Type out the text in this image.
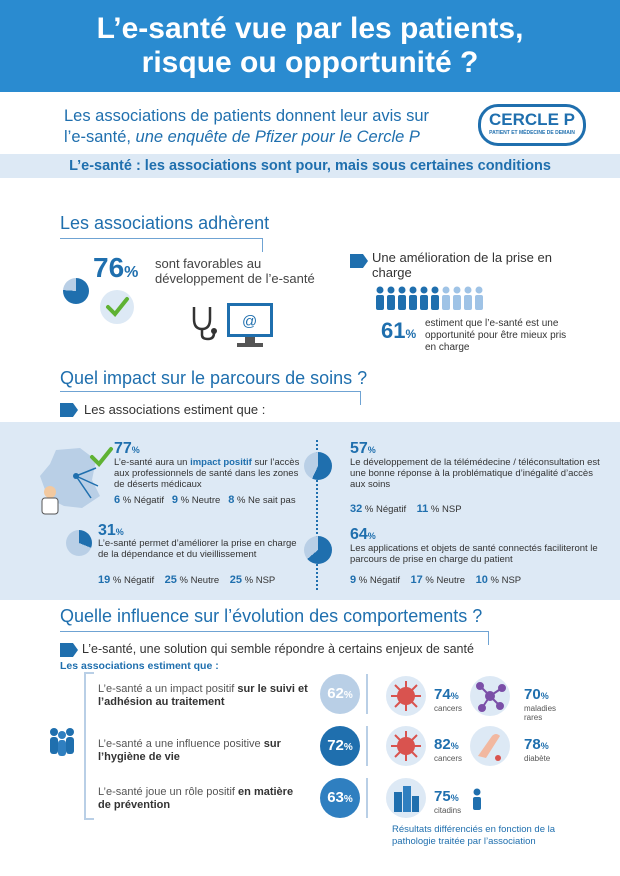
L’e-santé vue par les patients,
risque ou opportunité ?
Les associations de patients donnent leur avis sur
l’e-santé, une enquête de Pfizer pour le Cercle P
CERCLE P
PATIENT ET MÉDECINE DE DEMAIN
L’e-santé : les associations sont pour, mais sous certaines conditions
Les associations adhèrent
76%
sont favorables au développement de l’e-santé
@
Une amélioration de la prise en charge
61%
estiment que l’e-santé est une opportunité pour être mieux pris en charge
Quel impact sur le parcours de soins ?
Les associations estiment que :
77%
L’e-santé aura un impact positif sur l’accès aux professionnels de santé dans les zones de déserts médicaux
6 % Négatif 9 % Neutre 8 % Ne sait pas
57%
Le développement de la télémédecine / téléconsultation est une bonne réponse à la problématique d’inégalité d’accès aux soins
32 % Négatif 11 % NSP
31%
L’e-santé permet d’améliorer la prise en charge de la dépendance et du vieillissement
19 % Négatif 25 % Neutre 25 % NSP
64%
Les applications et objets de santé connectés faciliteront le parcours de prise en charge du patient
9 % Négatif 17 % Neutre 10 % NSP
Quelle influence sur l’évolution des comportements ?
L’e-santé, une solution qui semble répondre à certains enjeux de santé
Les associations estiment que :
L’e-santé a un impact positif sur le suivi et l’adhésion au traitement	62%	74%
cancers
70%
maladies rares
L’e-santé a une influence positive sur l’hygiène de vie
72%	82%
cancers
78%
diabète
L’e-santé joue un rôle positif en matière de prévention	63%	75%
citadins
Résultats différenciés en fonction de la pathologie traitée par l’association
